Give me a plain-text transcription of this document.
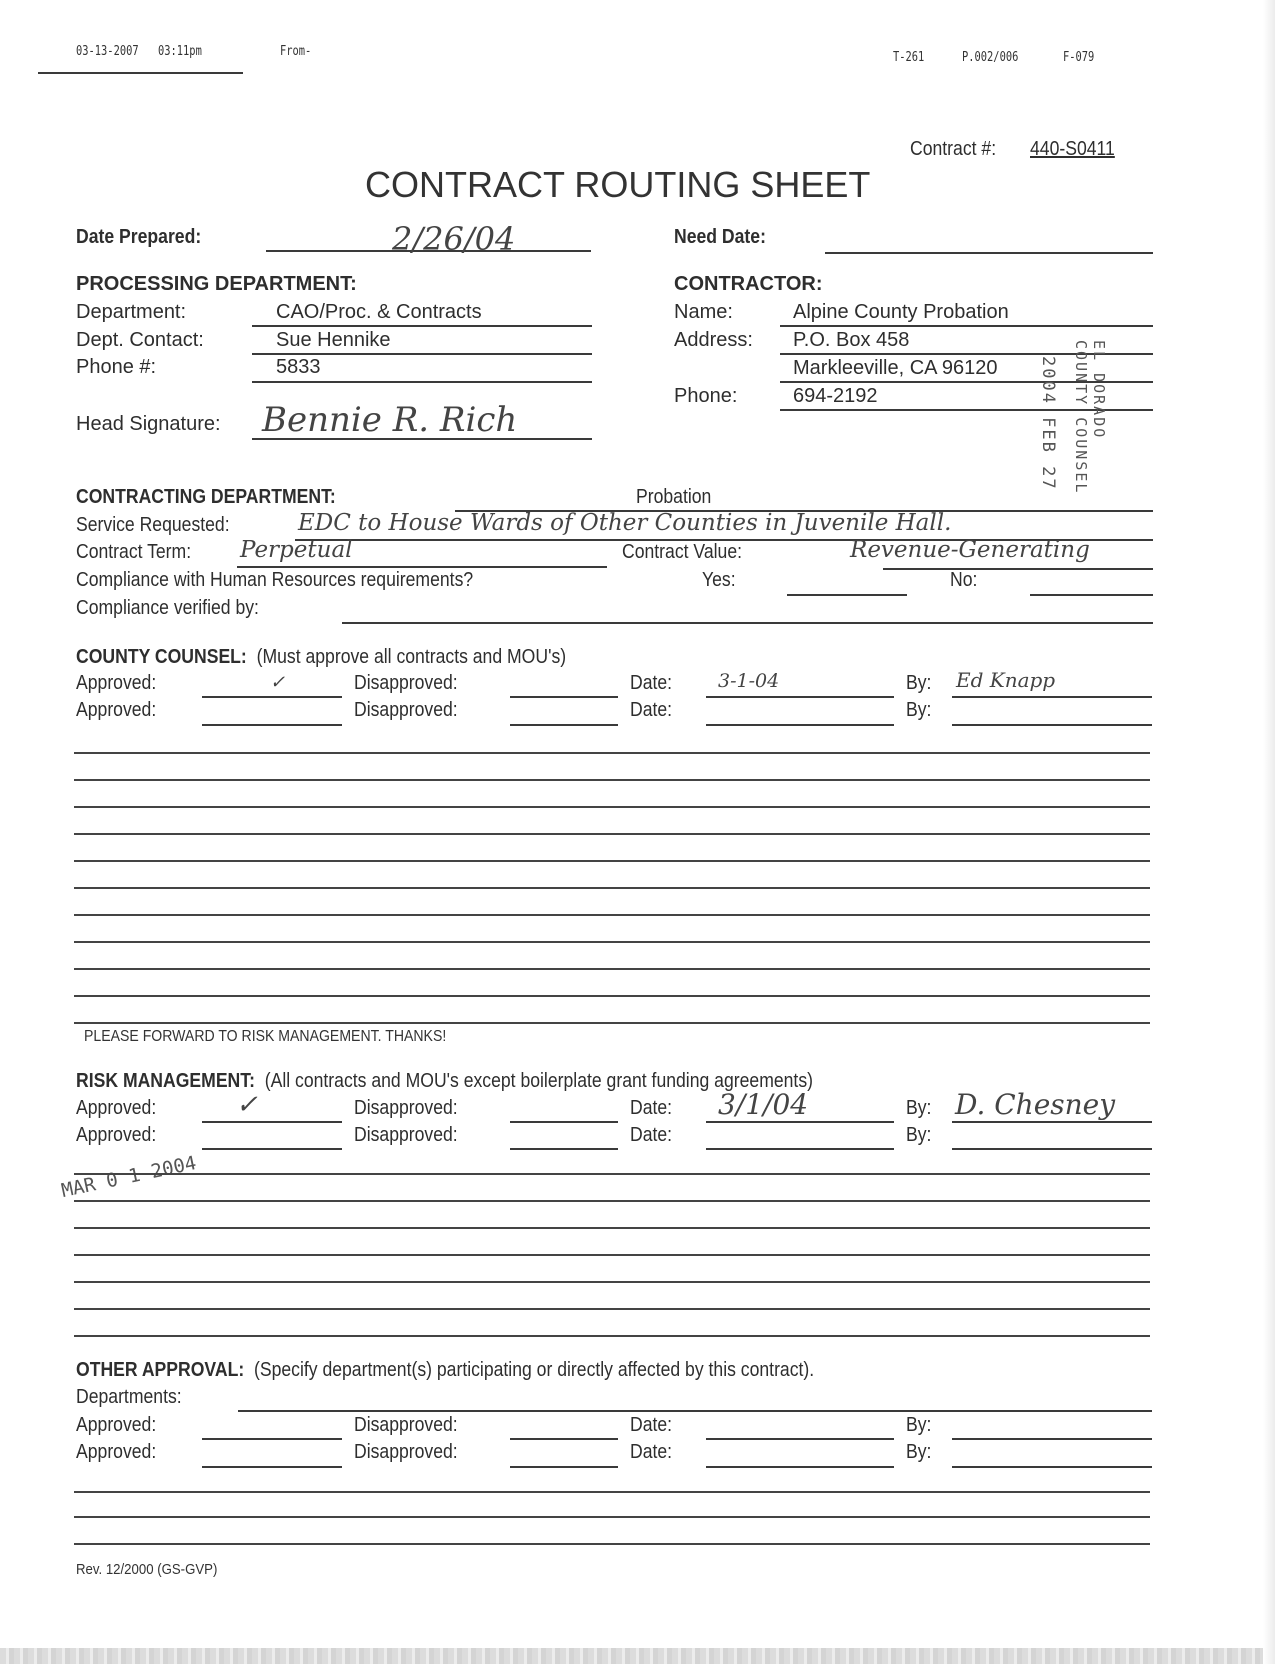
03-13-2007 03:11pm	From-	T-261	P.002/006	F-079
Contract #: 440-S0411
CONTRACT ROUTING SHEET
Date Prepared:	2/26/04	Need Date:
PROCESSING DEPARTMENT:
Department:	CAO/Proc. & Contracts
Dept. Contact:	Sue Hennike
Phone #:	5833
Head Signature: Bennie R. Rich
CONTRACTOR:
Name:	Alpine County Probation
Address: P.O. Box 458
Markleeville, CA 96120
Phone:	694-2192	EL DORADO COUNTY COUNSEL
2004 FEB 27
CONTRACTING DEPARTMENT:	Probation
Service Requested:	EDC to House Wards of Other Counties in Juvenile Hall.
Contract Term: Perpetual	Contract Value:	Revenue-Generating
Compliance with Human Resources requirements?	Yes:	No:
Compliance verified by:
COUNTY COUNSEL: (Must approve all contracts and MOU's)
Approved:	✓	Disapproved:	Date: 3-1-04	By: Ed Knapp
Approved:	Disapproved:	Date:	By:
PLEASE FORWARD TO RISK MANAGEMENT. THANKS!
RISK MANAGEMENT: (All contracts and MOU's except boilerplate grant funding agreements)
Approved:	✓	Disapproved:	Date: 3/1/04	By: D. Chesney
Approved:	Disapproved:	Date:	By:
MAR 0 1 2004
OTHER APPROVAL: (Specify department(s) participating or directly affected by this contract).
Departments:
Approved:	Disapproved:	Date:	By:
Approved:	Disapproved:	Date:	By:
Rev. 12/2000 (GS-GVP)
